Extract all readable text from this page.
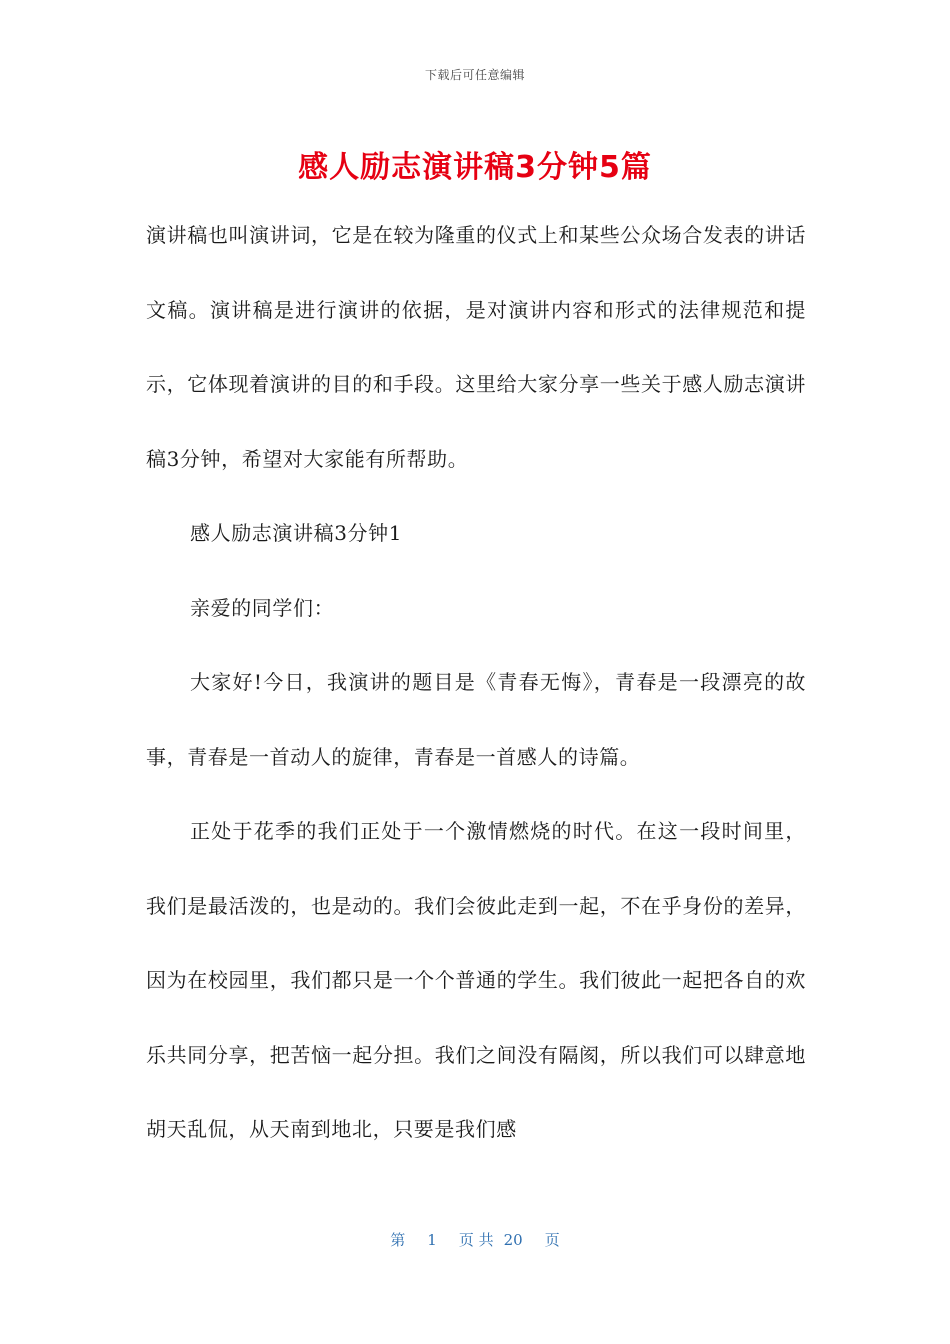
下载后可任意编辑
感人励志演讲稿3分钟5篇

演讲稿也叫演讲词，它是在较为隆重的仪式上和某些公众场合发表的讲话文稿。演讲稿是进行演讲的依据，是对演讲内容和形式的法律规范和提示，它体现着演讲的目的和手段。这里给大家分享一些关于感人励志演讲稿3分钟，希望对大家能有所帮助。

感人励志演讲稿3分钟1

亲爱的同学们：

大家好!今日，我演讲的题目是《青春无悔》，青春是一段漂亮的故事，青春是一首动人的旋律，青春是一首感人的诗篇。

正处于花季的我们正处于一个激情燃烧的时代。在这一段时间里，我们是最活泼的，也是动的。我们会彼此走到一起，不在乎身份的差异，因为在校园里，我们都只是一个个普通的学生。我们彼此一起把各自的欢乐共同分享，把苦恼一起分担。我们之间没有隔阂，所以我们可以肆意地胡天乱侃，从天南到地北，只要是我们感

第 1 页 共 20 页
